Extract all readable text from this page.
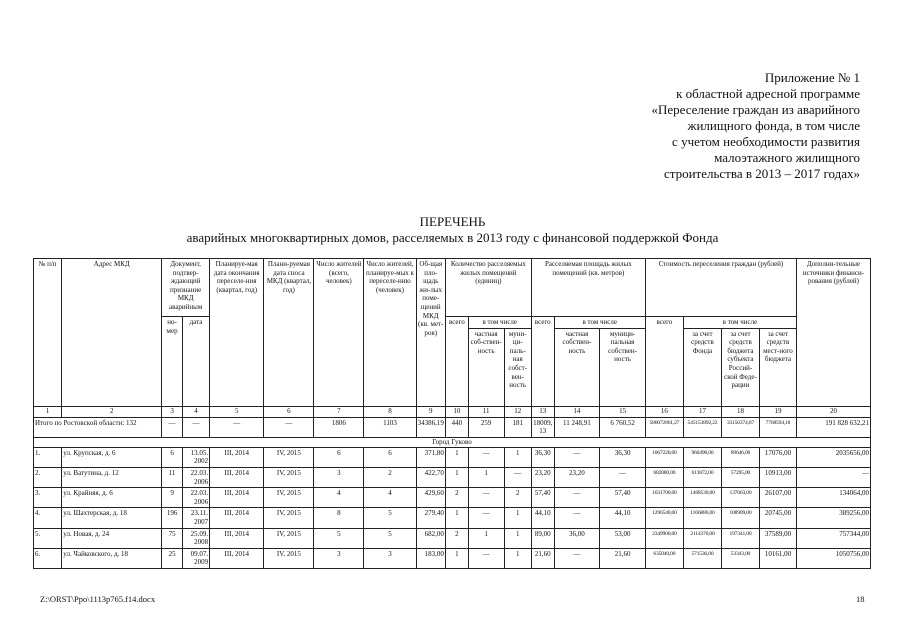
Приложение № 1
к областной адресной программе
«Переселение граждан из аварийного
жилищного фонда, в том числе
с учетом необходимости развития
малоэтажного жилищного
строительства в 2013 – 2017 годах»
ПЕРЕЧЕНЬ
аварийных многоквартирных домов, расселяемых в 2013 году с финансовой поддержкой Фонда
№ п/п	Адрес МКД	Документ, подтвер-ждающий признание МКД аварийным		Планируе-мая дата окончания переселе-ния (квартал, год)	Плани-руемая дата сноса МКД (квартал, год)	Число жителей (всего, человек)	Число жителей, планируе-мых к переселе-нию (человек)	Об-щая пло-щадь жи-лых поме-щений МКД (кв. мет-ров)	Количество расселяемых жилых помещений (единиц)			Расселяемая площадь жилых помещений (кв. метров)			Стоимость переселения граждан (рублей)				Дополни-тельные источники финанси-рования (рублей)
		но-мер	дата						всего	в том числе		всего	в том числе		всего	в том числе			
										частная соб-ствен-ность	муни-ци-паль-ная собст-вен-ность		частная собствен-ность	муници-пальная собствен-ность		за счет средств Фонда	за счет средств бюджета субъекта Россий-ской Феде-рации	за счет средств мест-ного бюджета	
1	2	3	4	5	6	7	8	9	10	11	12	13	14	15	16	17	18	19	20
Итого по Ростовской области: 132		—	—	—	—	1806	1103	34386,19	440	259	181	18009,13	11 248,91	6 760,52	586072861,27	545153892,22	33150374,87	7768594,18	191 828 632,21
Город Гуково																			
1.	ул. Крупская, д. 6	6	13.05. 2002	III, 2014	IV, 2015	6	6	371,80	1	—	1	36,30	—	36,30	1067220,00	960498,00	89646,00	17076,00	2035656,00
2.	ул. Ватутина, д. 12	11	22.03. 2006	III, 2014	IV, 2015	3	2	422,70	1	1	—	23,20	23,20	—	682080,00	613872,00	57295,00	10913,00	—
3.	ул. Крайняя, д. 6	9	22.03. 2006	III, 2014	IV, 2015	4	4	429,60	2	—	2	57,40	—	57,40	1631700,00	1468530,00	137063,00	26107,00	134064,00
4.	ул. Шахтерская, д. 18	196	23.11. 2007	III, 2014	IV, 2015	8	5	279,40	1	—	1	44,10	—	44,10	1296540,00	1166886,00	108909,00	20745,00	389256,00
5.	ул. Новая, д. 24	75	25.09. 2008	III, 2014	IV, 2015	5	5	682,00	2	1	1	89,00	36,00	53,00	2349900,00	2114370,00	197341,00	37589,00	757344,00
6.	ул. Чайковского, д. 18	25	09.07. 2009	III, 2014	IV, 2015	3	3	183,00	1	—	1	21,60	—	21,60	635040,00	571536,00	53343,00	10161,00	1050756,00
Z:\ORST\Ppo\1113p765.f14.docx	18
